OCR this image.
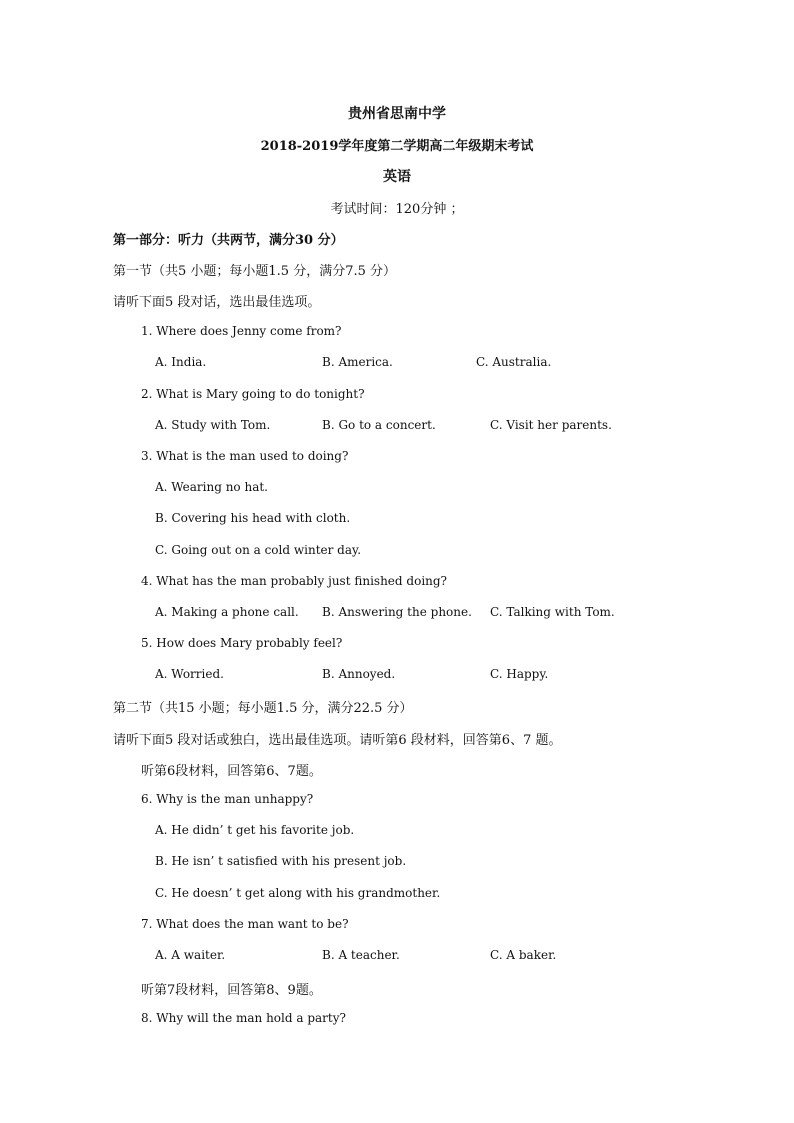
贵州省思南中学
2018-2019学年度第二学期高二年级期末考试
英语
考试时间：120分钟 ；
第一部分：听力（共两节，满分30 分）
第一节（共5 小题；每小题1.5 分，满分7.5 分）
请听下面5 段对话，选出最佳选项。
1. Where does Jenny come from?
A. India.	B. America.	C. Australia.
2. What is Mary going to do tonight?
A. Study with Tom.	B. Go to a concert.	C. Visit her parents.
3. What is the man used to doing?
A. Wearing no hat.
B. Covering his head with cloth.
C. Going out on a cold winter day.
4. What has the man probably just finished doing?
A. Making a phone call. B. Answering the phone. C. Talking with Tom.
5. How does Mary probably feel?
A. Worried.	B. Annoyed.	C. Happy.
第二节（共15 小题；每小题1.5 分，满分22.5 分）
请听下面5 段对话或独白，选出最佳选项。请听第6 段材料，回答第6、7 题。
听第6段材料，回答第6、7题。
6. Why is the man unhappy?
A. He didn’ t get his favorite job.
B. He isn’ t satisfied with his present job.
C. He doesn’ t get along with his grandmother.
7. What does the man want to be?
A. A waiter.	B. A teacher.	C. A baker.
听第7段材料，回答第8、9题。
8. Why will the man hold a party?
